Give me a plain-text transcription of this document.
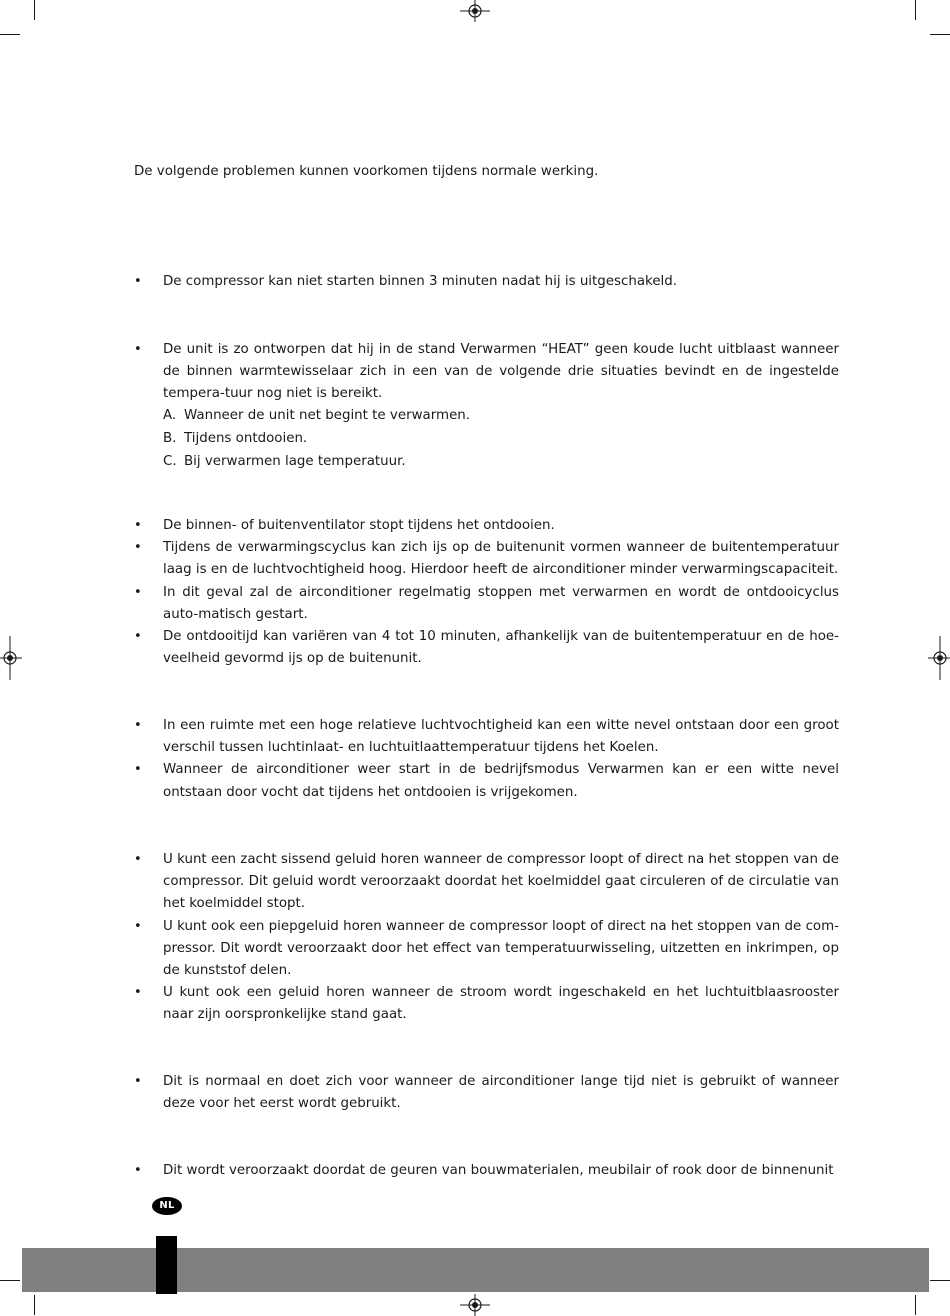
De volgende problemen kunnen voorkomen tijdens normale werking.

•	De compressor kan niet starten binnen 3 minuten nadat hij is uitgeschakeld.
•	De unit is zo ontworpen dat hij in de stand Verwarmen “HEAT” geen koude lucht uitblaast wanneer de binnen warmtewisselaar zich in een van de volgende drie situaties bevindt en de ingestelde tempera-tuur nog niet is bereikt.
A. Wanneer de unit net begint te verwarmen.
B. Tijdens ontdooien.
C. Bij verwarmen lage temperatuur.
•	De binnen- of buitenventilator stopt tijdens het ontdooien.
•	Tijdens de verwarmingscyclus kan zich ijs op de buitenunit vormen wanneer de buitentemperatuur laag is en de luchtvochtigheid hoog. Hierdoor heeft de airconditioner minder verwarmingscapaciteit.
•	In dit geval zal de airconditioner regelmatig stoppen met verwarmen en wordt de ontdooicyclus auto-matisch gestart.
•	De ontdooitijd kan variëren van 4 tot 10 minuten, afhankelijk van de buitentemperatuur en de hoe-veelheid gevormd ijs op de buitenunit.
•	In een ruimte met een hoge relatieve luchtvochtigheid kan een witte nevel ontstaan door een groot verschil tussen luchtinlaat- en luchtuitlaattemperatuur tijdens het Koelen.
•	Wanneer de airconditioner weer start in de bedrijfsmodus Verwarmen kan er een witte nevel ontstaan door vocht dat tijdens het ontdooien is vrijgekomen.
•	U kunt een zacht sissend geluid horen wanneer de compressor loopt of direct na het stoppen van de compressor. Dit geluid wordt veroorzaakt doordat het koelmiddel gaat circuleren of de circulatie van het koelmiddel stopt.
•	U kunt ook een piepgeluid horen wanneer de compressor loopt of direct na het stoppen van de com-pressor. Dit wordt veroorzaakt door het effect van temperatuurwisseling, uitzetten en inkrimpen, op de kunststof delen.
•	U kunt ook een geluid horen wanneer de stroom wordt ingeschakeld en het luchtuitblaasrooster naar zijn oorspronkelijke stand gaat.
•	Dit is normaal en doet zich voor wanneer de airconditioner lange tijd niet is gebruikt of wanneer deze voor het eerst wordt gebruikt.
•	Dit wordt veroorzaakt doordat de geuren van bouwmaterialen, meubilair of rook door de binnenunit
NL
